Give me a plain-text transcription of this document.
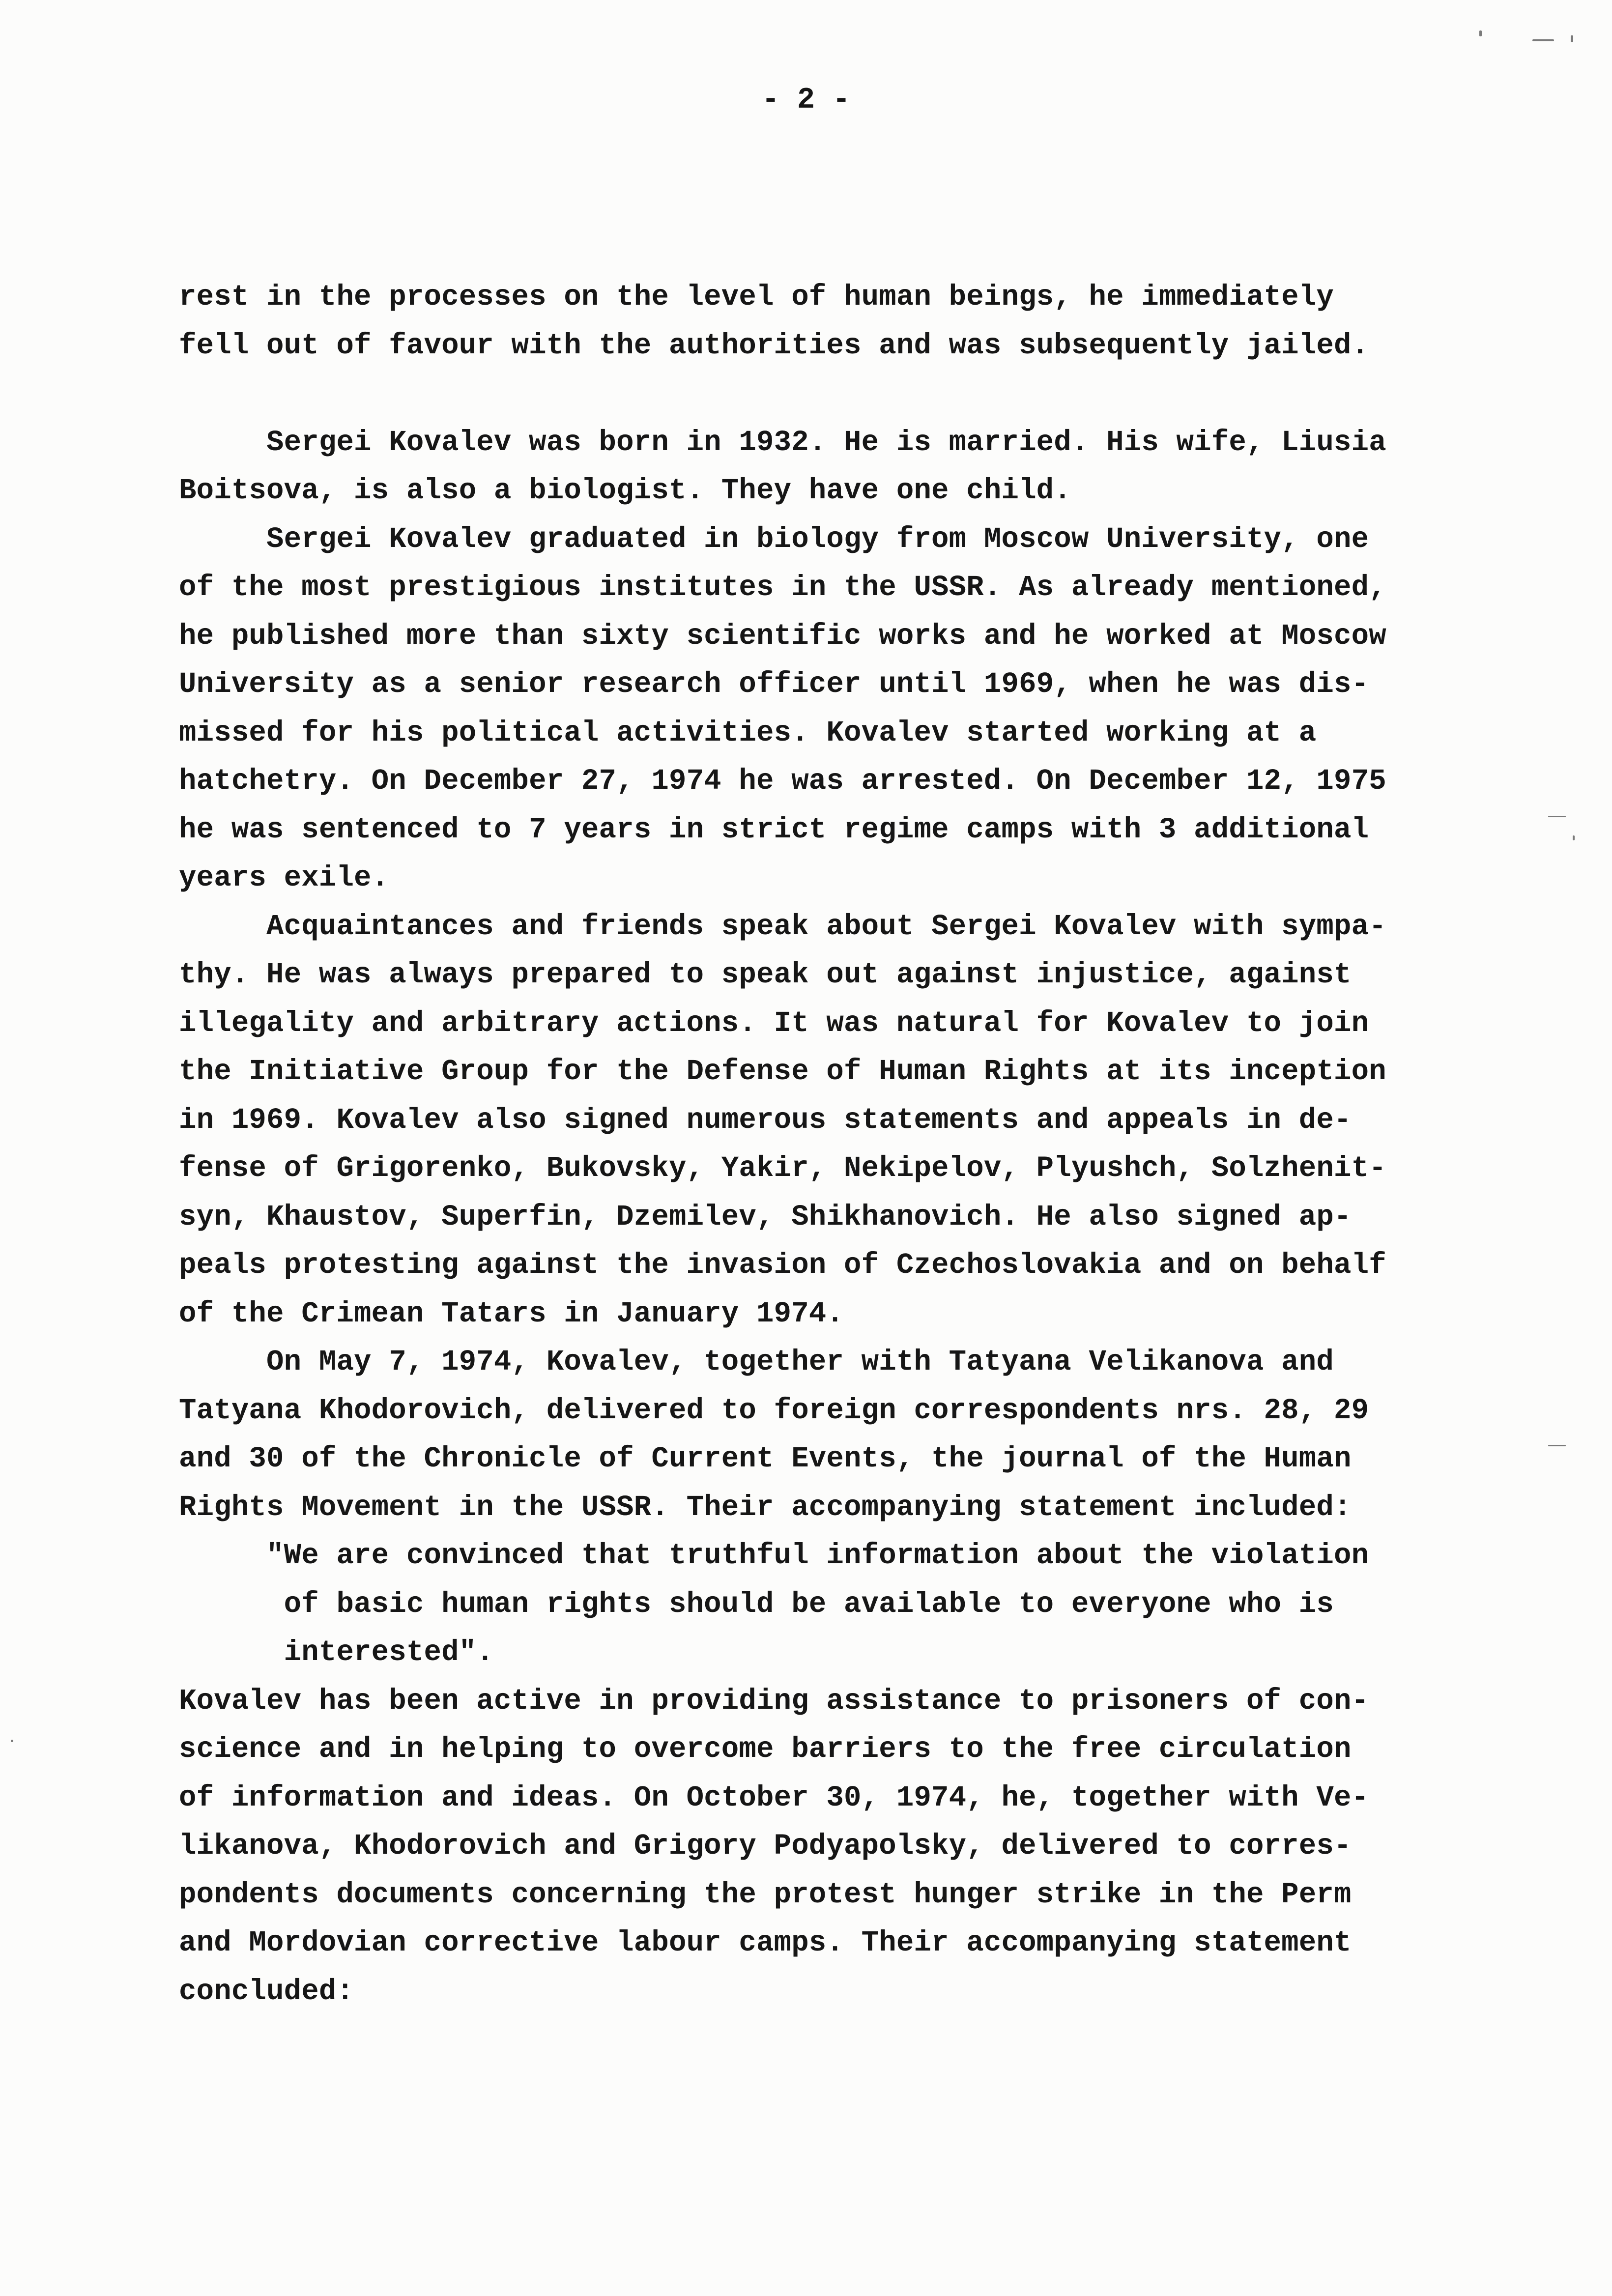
- 2 -
rest in the processes on the level of human beings, he immediately
fell out of favour with the authorities and was subsequently jailed.
Sergei Kovalev was born in 1932. He is married. His wife, Liusia
Boitsova, is also a biologist. They have one child.
Sergei Kovalev graduated in biology from Moscow University, one
of the most prestigious institutes in the USSR. As already mentioned,
he published more than sixty scientific works and he worked at Moscow
University as a senior research officer until 1969, when he was dis-
missed for his political activities. Kovalev started working at a
hatchetry. On December 27, 1974 he was arrested. On December 12, 1975
he was sentenced to 7 years in strict regime camps with 3 additional
years exile.
Acquaintances and friends speak about Sergei Kovalev with sympa-
thy. He was always prepared to speak out against injustice, against
illegality and arbitrary actions. It was natural for Kovalev to join
the Initiative Group for the Defense of Human Rights at its inception
in 1969. Kovalev also signed numerous statements and appeals in de-
fense of Grigorenko, Bukovsky, Yakir, Nekipelov, Plyushch, Solzhenit-
syn, Khaustov, Superfin, Dzemilev, Shikhanovich. He also signed ap-
peals protesting against the invasion of Czechoslovakia and on behalf
of the Crimean Tatars in January 1974.
On May 7, 1974, Kovalev, together with Tatyana Velikanova and
Tatyana Khodorovich, delivered to foreign correspondents nrs. 28, 29
and 30 of the Chronicle of Current Events, the journal of the Human
Rights Movement in the USSR. Their accompanying statement included:
"We are convinced that truthful information about the violation
of basic human rights should be available to everyone who is
interested".
Kovalev has been active in providing assistance to prisoners of con-
science and in helping to overcome barriers to the free circulation
of information and ideas. On October 30, 1974, he, together with Ve-
likanova, Khodorovich and Grigory Podyapolsky, delivered to corres-
pondents documents concerning the protest hunger strike in the Perm
and Mordovian corrective labour camps. Their accompanying statement
concluded:
